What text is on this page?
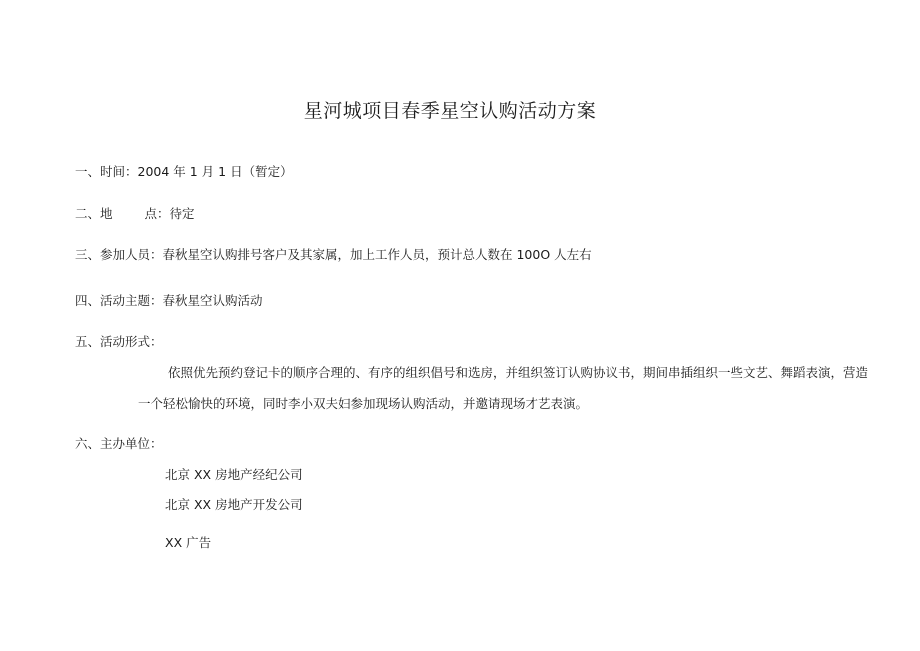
星河城项目春季星空认购活动方案
一、时间：2004 年 1 月 1 日（暂定）
二、地	点：待定
三、参加人员：春秋星空认购排号客户及其家属，加上工作人员，预计总人数在 100O 人左右
四、活动主题：春秋星空认购活动
五、活动形式：
依照优先预约登记卡的顺序合理的、有序的组织倡号和选房，并组织签订认购协议书，期间串插组织一些文艺、舞蹈表演，营造
一个轻松愉快的环境，同时李小双夫妇参加现场认购活动，并邀请现场才艺表演。
六、主办单位：
北京 XX 房地产经纪公司
北京 XX 房地产开发公司
XX 广告
